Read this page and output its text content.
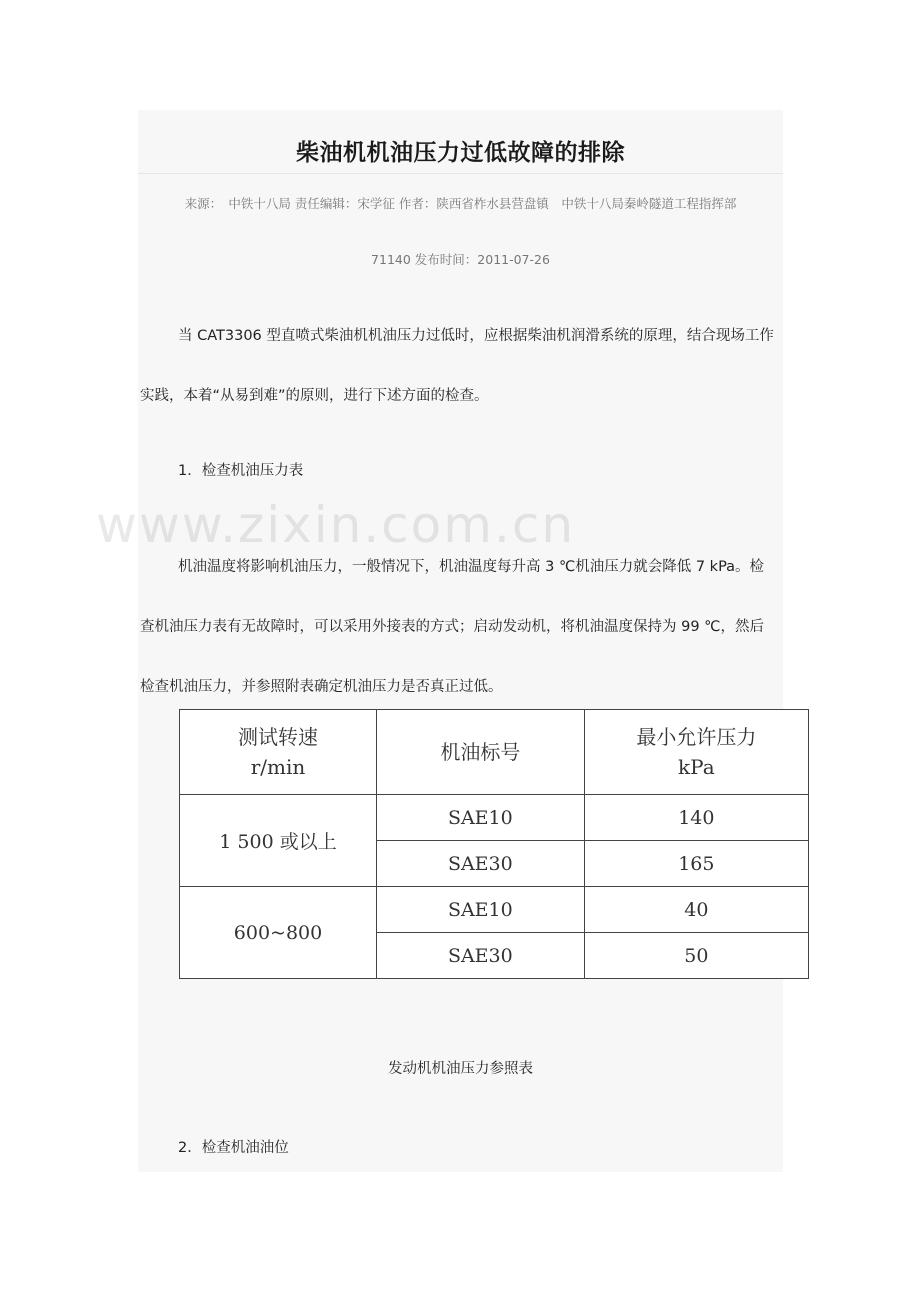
柴油机机油压力过低故障的排除
来源：　中铁十八局 责任编辑：宋学征 作者：陕西省柞水县营盘镇　中铁十八局秦岭隧道工程指挥部
71140 发布时间：2011-07-26

当 CAT3306 型直喷式柴油机机油压力过低时，应根据柴油机润滑系统的原理，结合现场工作实践，本着“从易到难”的原则，进行下述方面的检查。

1．检查机油压力表

机油温度将影响机油压力，一般情况下，机油温度每升高 3 ℃机油压力就会降低 7 kPa。检查机油压力表有无故障时，可以采用外接表的方式；启动发动机，将机油温度保持为 99 ℃，然后检查机油压力，并参照附表确定机油压力是否真正过低。

发动机机油压力参照表
2．检查机油油位
www.zixin.com.cn
测试转速
r/min	机油标号	最小允许压力
kPa
1 500 或以上	SAE10	140
	SAE30	165
600~800	SAE10	40
	SAE30	50
